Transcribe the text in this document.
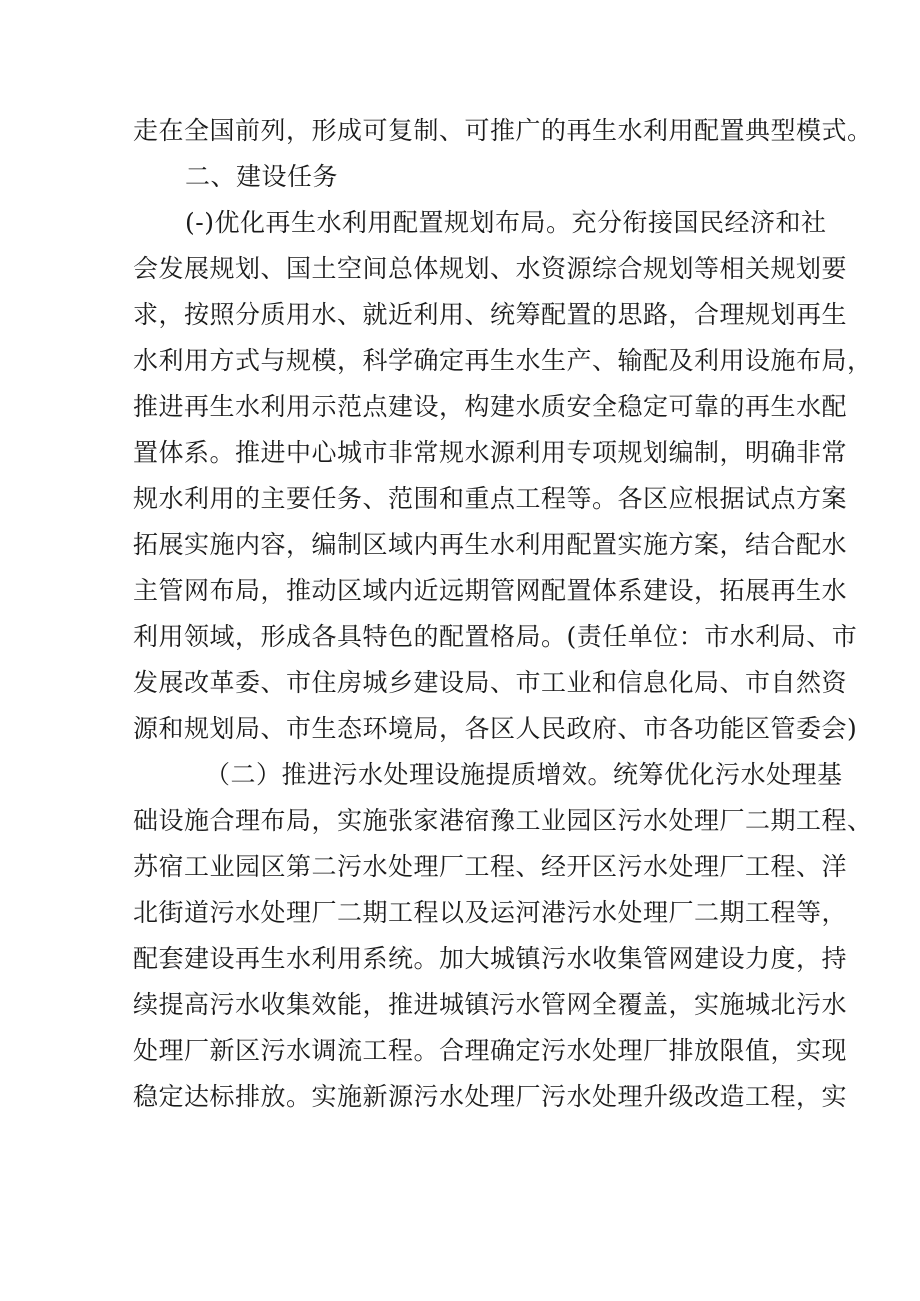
走在全国前列，形成可复制、可推广的再生水利用配置典型模式。
二、建设任务
(-)优化再生水利用配置规划布局。充分衔接国民经济和社
会发展规划、国土空间总体规划、水资源综合规划等相关规划要
求，按照分质用水、就近利用、统筹配置的思路，合理规划再生
水利用方式与规模，科学确定再生水生产、输配及利用设施布局，
推进再生水利用示范点建设，构建水质安全稳定可靠的再生水配
置体系。推进中心城市非常规水源利用专项规划编制，明确非常
规水利用的主要任务、范围和重点工程等。各区应根据试点方案
拓展实施内容，编制区域内再生水利用配置实施方案，结合配水
主管网布局，推动区域内近远期管网配置体系建设，拓展再生水
利用领域，形成各具特色的配置格局。(责任单位：市水利局、市
发展改革委、市住房城乡建设局、市工业和信息化局、市自然资
源和规划局、市生态环境局，各区人民政府、市各功能区管委会)
（二）推进污水处理设施提质增效。统筹优化污水处理基
础设施合理布局，实施张家港宿豫工业园区污水处理厂二期工程、
苏宿工业园区第二污水处理厂工程、经开区污水处理厂工程、洋
北街道污水处理厂二期工程以及运河港污水处理厂二期工程等，
配套建设再生水利用系统。加大城镇污水收集管网建设力度，持
续提高污水收集效能，推进城镇污水管网全覆盖，实施城北污水
处理厂新区污水调流工程。合理确定污水处理厂排放限值，实现
稳定达标排放。实施新源污水处理厂污水处理升级改造工程，实
